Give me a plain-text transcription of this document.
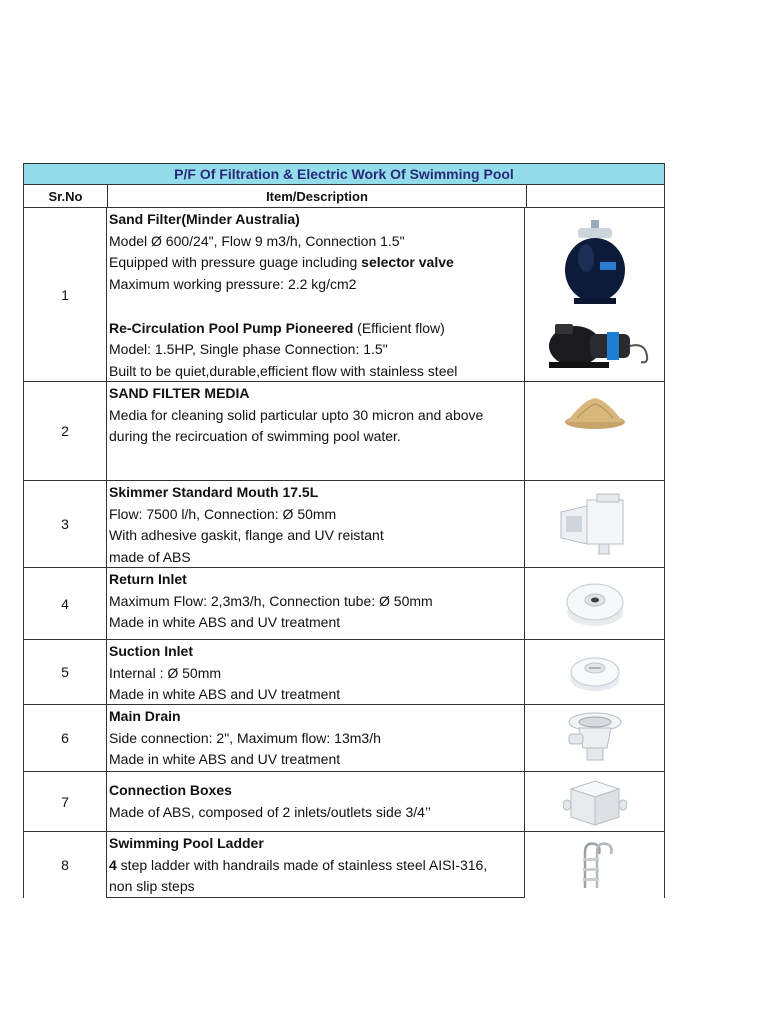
P/F Of Filtration & Electric Work Of Swimming Pool
Sr.No	Item/Description
1
Sand Filter(Minder Australia)
Model Ø 600/24", Flow 9 m3/h, Connection 1.5"
Equipped with pressure guage including selector valve
Maximum working pressure: 2.2 kg/cm2

Re-Circulation Pool Pump Pioneered (Efficient flow)
Model: 1.5HP, Single phase Connection: 1.5"
Built to be quiet,durable,efficient flow with stainless steel
2
SAND FILTER MEDIA
Media for cleaning solid particular upto 30 micron and above
during the recircuation of swimming pool water.
3
Skimmer Standard Mouth 17.5L
Flow: 7500 l/h, Connection: Ø 50mm
With adhesive gaskit, flange and UV reistant
made of ABS
4
Return Inlet
Maximum Flow: 2,3m3/h, Connection tube: Ø 50mm
Made in white ABS and UV treatment
5
Suction Inlet
Internal : Ø 50mm
Made in white ABS and UV treatment
6
Main Drain
Side connection: 2", Maximum flow: 13m3/h
Made in white ABS and UV treatment
7
Connection Boxes
Made of ABS, composed of 2 inlets/outlets side 3/4’’
8
Swimming Pool Ladder
4 step ladder with handrails made of stainless steel AISI-316,
non slip steps
